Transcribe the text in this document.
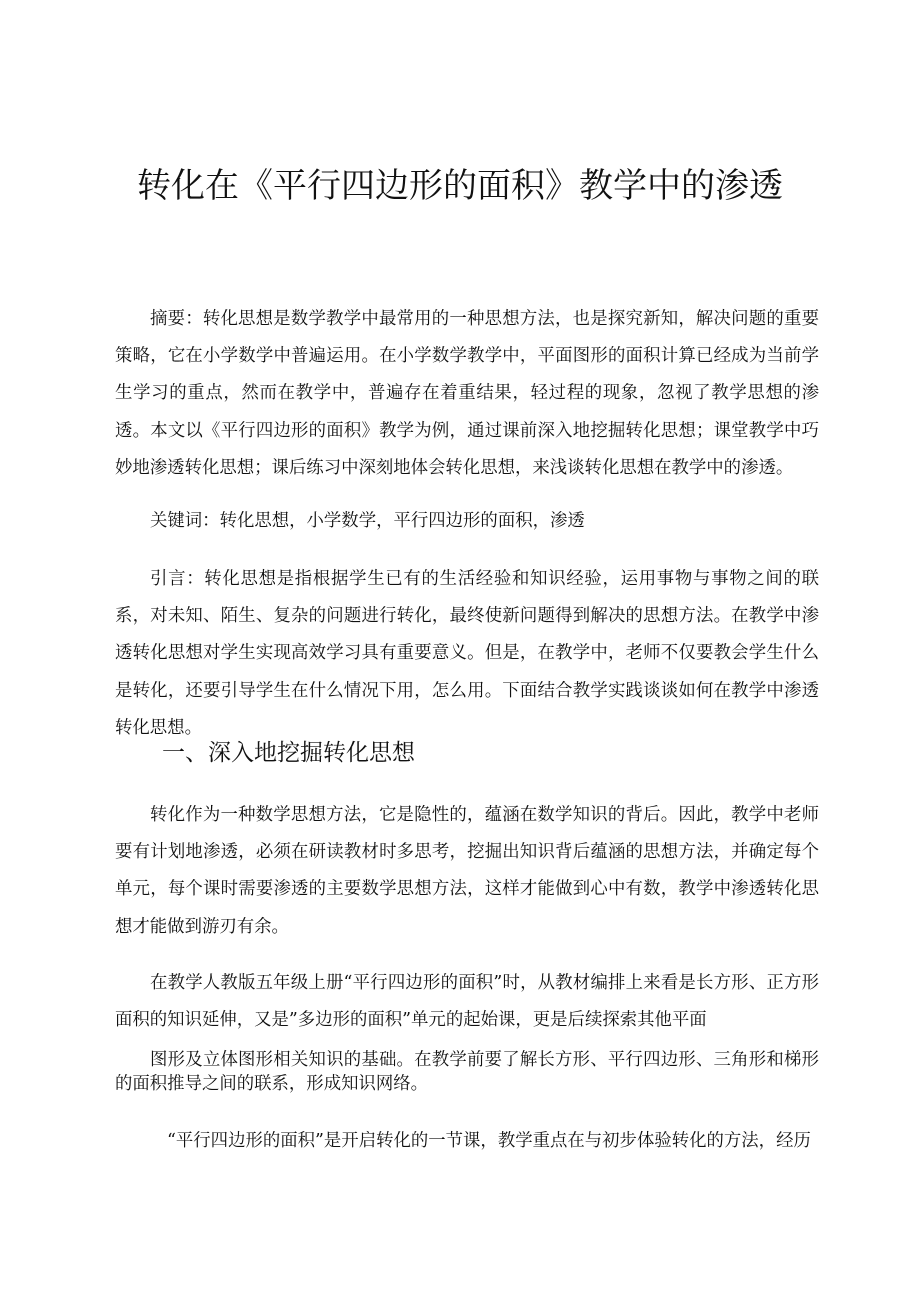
转化在《平行四边形的面积》教学中的渗透

摘要：转化思想是数学教学中最常用的一种思想方法，也是探究新知，解决问题的重要策略，它在小学数学中普遍运用。在小学数学教学中，平面图形的面积计算已经成为当前学生学习的重点，然而在教学中，普遍存在着重结果，轻过程的现象，忽视了教学思想的渗透。本文以《平行四边形的面积》教学为例，通过课前深入地挖掘转化思想；课堂教学中巧妙地渗透转化思想；课后练习中深刻地体会转化思想，来浅谈转化思想在教学中的渗透。

关键词：转化思想，小学数学，平行四边形的面积，渗透

引言：转化思想是指根据学生已有的生活经验和知识经验，运用事物与事物之间的联系，对未知、陌生、复杂的问题进行转化，最终使新问题得到解决的思想方法。在教学中渗透转化思想对学生实现高效学习具有重要意义。但是，在教学中，老师不仅要教会学生什么是转化，还要引导学生在什么情况下用，怎么用。下面结合教学实践谈谈如何在教学中渗透转化思想。

一、深入地挖掘转化思想

转化作为一种数学思想方法，它是隐性的，蕴涵在数学知识的背后。因此，教学中老师要有计划地渗透，必须在研读教材时多思考，挖掘出知识背后蕴涵的思想方法，并确定每个单元，每个课时需要渗透的主要数学思想方法，这样才能做到心中有数，教学中渗透转化思想才能做到游刃有余。

在教学人教版五年级上册“平行四边形的面积”时，从教材编排上来看是长方形、正方形面积的知识延伸，又是”多边形的面积”单元的起始课，更是后续探索其他平面

图形及立体图形相关知识的基础。在教学前要了解长方形、平行四边形、三角形和梯形的面积推导之间的联系，形成知识网络。

“平行四边形的面积”是开启转化的一节课，教学重点在与初步体验转化的方法，经历
